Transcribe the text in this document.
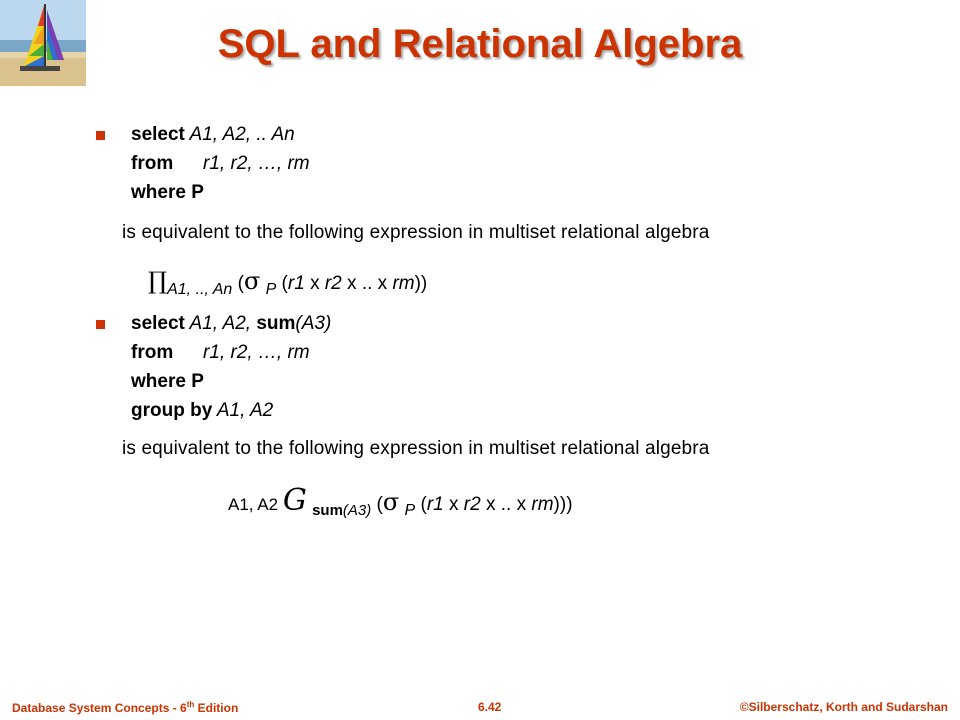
SQL and Relational Algebra
select A1, A2, .. An
from r1, r2, …, rm
where P
is equivalent to the following expression in multiset relational algebra
$\prod_{A1, .., An}$ (σ $_P$ (r1 x r2 x .. x rm))
select A1, A2, sum(A3)
from r1, r2, …, rm
where P
group by A1, A2
is equivalent to the following expression in multiset relational algebra
A1, A2 G $_{sum(A3)}$ (σ $_P$ (r1 x r2 x .. x rm)))
Database System Concepts - 6th Edition	6.42	©Silberschatz, Korth and Sudarshan
